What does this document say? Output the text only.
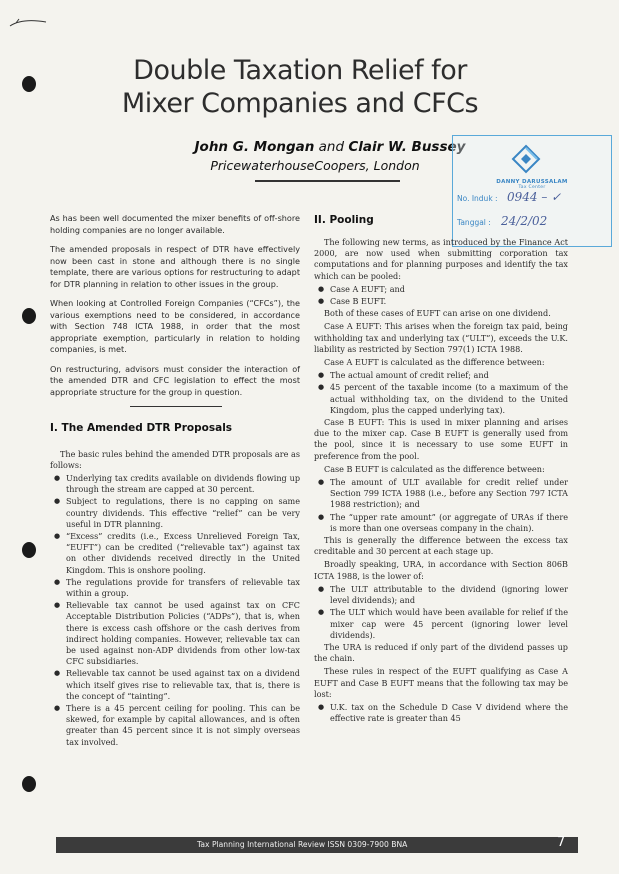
Double Taxation Relief for
Mixer Companies and CFCs
John G. Mongan and Clair W. Bussey
PricewaterhouseCoopers, London
DANNY DARUSSALAM
Tax Center
No. Induk : 0944 – ✓
Tanggal : 24/2/02

As has been well documented the mixer benefits of off-shore holding companies are no longer available.

The amended proposals in respect of DTR have effectively now been cast in stone and although there is no single template, there are various options for restructuring to adapt for DTR planning in relation to other issues in the group.

When looking at Controlled Foreign Companies (“CFCs”), the various exemptions need to be considered, in accordance with Section 748 ICTA 1988, in order that the most appropriate exemption, particularly in relation to holding companies, is met.

On restructuring, advisors must consider the interaction of the amended DTR and CFC legislation to effect the most appropriate structure for the group in question.

I. The Amended DTR Proposals

The basic rules behind the amended DTR proposals are as follows:

● Underlying tax credits available on dividends flowing up through the stream are capped at 30 percent.
● Subject to regulations, there is no capping on same country dividends. This effective “relief” can be very useful in DTR planning.
● “Excess” credits (i.e., Excess Unrelieved Foreign Tax, “EUFT”) can be credited (“relievable tax”) against tax on other dividends received directly in the United Kingdom. This is onshore pooling.
● The regulations provide for transfers of relievable tax within a group.
● Relievable tax cannot be used against tax on CFC Acceptable Distribution Policies (“ADPs”), that is, when there is excess cash offshore or the cash derives from indirect holding companies. However, relievable tax can be used against non-ADP dividends from other low-tax CFC subsidiaries.
● Relievable tax cannot be used against tax on a dividend which itself gives rise to relievable tax, that is, there is the concept of “tainting”.
● There is a 45 percent ceiling for pooling. This can be skewed, for example by capital allowances, and is often greater than 45 percent since it is not simply overseas tax involved.
II. Pooling

The following new terms, as introduced by the Finance Act 2000, are now used when submitting corporation tax computations and for planning purposes and identify the tax which can be pooled:

● Case A EUFT; and
● Case B EUFT.

Both of these cases of EUFT can arise on one dividend.

Case A EUFT: This arises when the foreign tax paid, being withholding tax and underlying tax (“ULT”), exceeds the U.K. liability as restricted by Section 797(1) ICTA 1988.

Case A EUFT is calculated as the difference between:

● The actual amount of credit relief; and
● 45 percent of the taxable income (to a maximum of the actual withholding tax, on the dividend to the United Kingdom, plus the capped underlying tax).

Case B EUFT: This is used in mixer planning and arises due to the mixer cap. Case B EUFT is generally used from the pool, since it is necessary to use some EUFT in preference from the pool.

Case B EUFT is calculated as the difference between:

● The amount of ULT available for credit relief under Section 799 ICTA 1988 (i.e., before any Section 797 ICTA 1988 restriction); and
● The “upper rate amount” (or aggregate of URAs if there is more than one overseas company in the chain).

This is generally the difference between the excess tax creditable and 30 percent at each stage up.

Broadly speaking, URA, in accordance with Section 806B ICTA 1988, is the lower of:

● The ULT attributable to the dividend (ignoring lower level dividends); and
● The ULT which would have been available for relief if the mixer cap were 45 percent (ignoring lower level dividends).

The URA is reduced if only part of the dividend passes up the chain.

These rules in respect of the EUFT qualifying as Case A EUFT and Case B EUFT means that the following tax may be lost:

● U.K. tax on the Schedule D Case V dividend where the effective rate is greater than 45
Tax Planning International Review ISSN 0309-7900 BNA	7
